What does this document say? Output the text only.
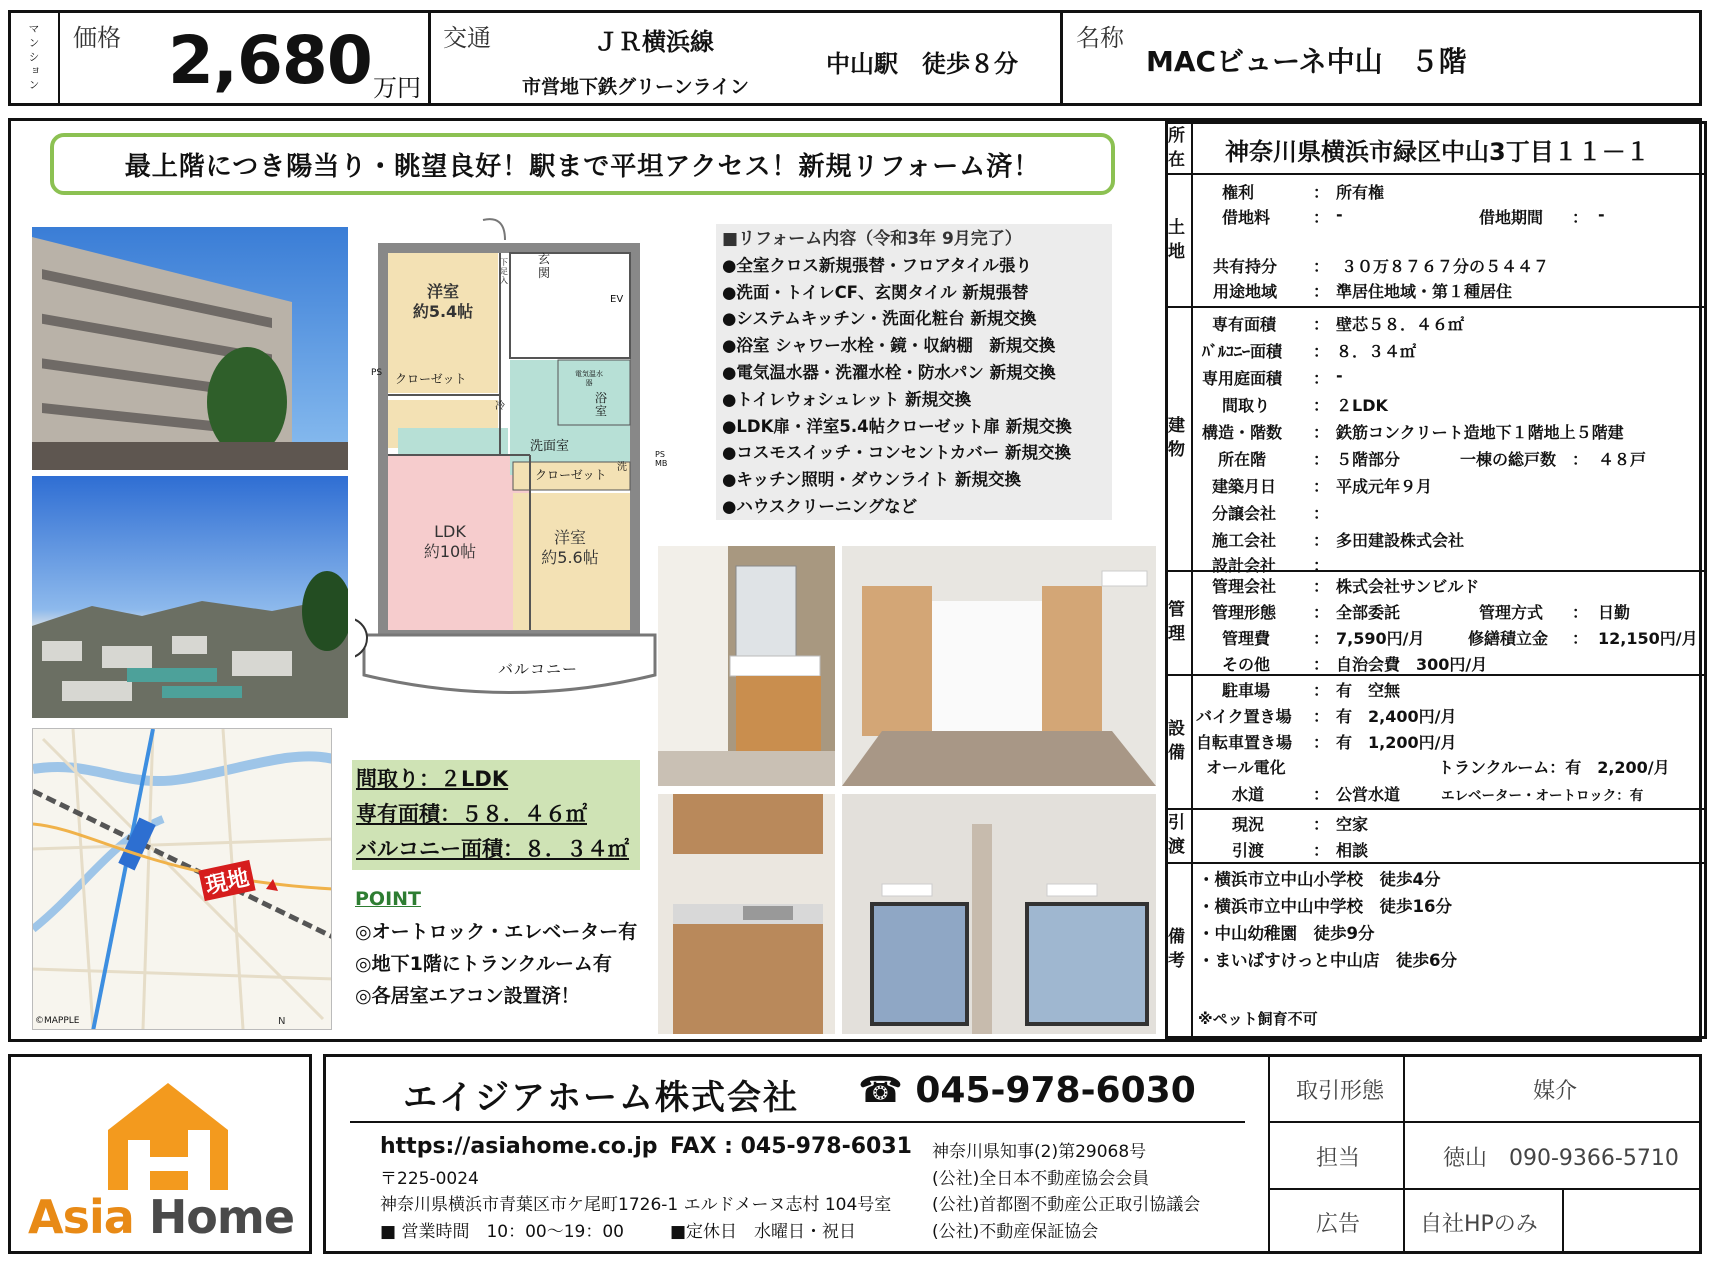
マンション	価格 2,680 万円
交通	ＪＲ横浜線
市営地下鉄グリーンライン
中山駅　徒歩８分
名称
MACビューネ中山　５階
最上階につき陽当り・眺望良好！駅まで平坦アクセス！新規リフォーム済！
N
現地
©MAPPLE
洋室
約5.4帖
クローゼット
PS
冷
LDK
約10帖
洋室
約5.6帖
クローゼット
洗面室
浴室
玄関
下足入
EV
電気温水器
PS MB
洗
バルコニー
■リフォーム内容（令和3年 9月完了）
●全室クロス新規張替・フロアタイル張り
●洗面・トイレCF、玄関タイル 新規張替
●システムキッチン・洗面化粧台 新規交換
●浴室 シャワー水栓・鏡・収納棚　新規交換
●電気温水器・洗濯水栓・防水パン 新規交換
●トイレウォシュレット 新規交換
●LDK扉・洋室5.4帖クローゼット扉 新規交換
●コスモスイッチ・コンセントカバー 新規交換
●キッチン照明・ダウンライト 新規交換
●ハウスクリーニングなど
間取り：２LDK
専有面積：５８．４６㎡
バルコニー面積：８．３４㎡
POINT
◎オートロック・エレベーター有
◎地下1階にトランクルーム有
◎各居室エアコン設置済！
所在	神奈川県横浜市緑区中山3丁目１１－１
土地
権利	： 所有権
借地料	： -	借地期間 ： -
共有持分 ： ３０万８７６７分の５４４７
用途地域 ： 準居住地域・第１種居住
建物
専有面積 ： 壁芯５８．４６㎡
ﾊﾞﾙｺﾆｰ面積 ： ８．３４㎡
専用庭面積 ： -
間取り	： ２LDK
構造・階数 ： 鉄筋コンクリート造地下１階地上５階建
所在階	： ５階部分	一棟の総戸数 ： ４８戸
建築月日 ： 平成元年９月
分譲会社 ：
施工会社 ： 多田建設株式会社
設計会社 ：
管理
管理会社 ： 株式会社サンビルド
管理形態 ： 全部委託	管理方式 ： 日勤
管理費	： 7,590円/月	修繕積立金 ： 12,150円/月
その他	： 自治会費　300円/月
設備
駐車場	： 有　空無
バイク置き場 ： 有　2,400円/月
自転車置き場 ： 有　1,200円/月
オール電化	トランクルーム：有　2,200/月
水道	： 公営水道	エレベーター・オートロック：有
引渡
現況	： 空家
引渡	： 相談
備考
・横浜市立中山小学校　徒歩4分
・横浜市立中山中学校　徒歩16分
・中山幼稚園　徒歩9分
・まいばすけっと中山店　徒歩6分
※ペット飼育不可
Asia Home
エイジアホーム株式会社 ☎ 045-978-6030
https://asiahome.co.jp FAX : 045-978-6031
〒225-0024
神奈川県横浜市青葉区市ケ尾町1726-1 エルドメーヌ志村 104号室
■ 営業時間　10：00～19：00	■定休日　水曜日・祝日
神奈川県知事(2)第29068号
(公社)全日本不動産協会会員
(公社)首都圏不動産公正取引協議会
(公社)不動産保証協会
取引形態	媒介
担当	徳山　090-9366-5710
広告	自社HPのみ
